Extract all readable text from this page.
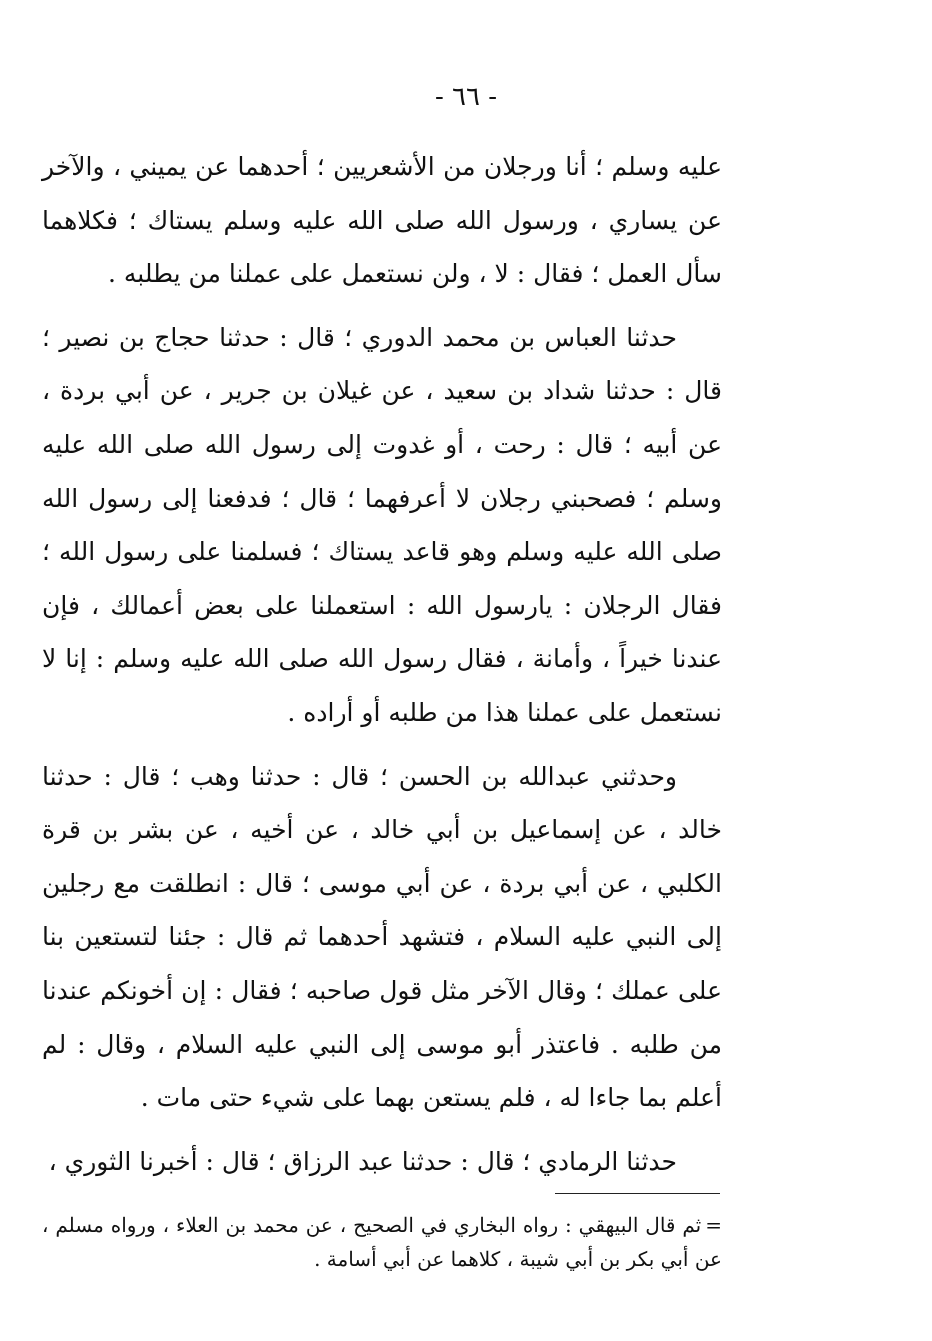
- ٦٦ -

عليه وسلم ؛ أنا ورجلان من الأشعريين ؛ أحدهما عن يميني ، والآخر عن يساري ، ورسول الله صلى الله عليه وسلم يستاك ؛ فكلاهما سأل العمل ؛ فقال : لا ، ولن نستعمل على عملنا من يطلبه .

حدثنا العباس بن محمد الدوري ؛ قال : حدثنا حجاج بن نصير ؛ قال : حدثنا شداد بن سعيد ، عن غيلان بن جرير ، عن أبي بردة ، عن أبيه ؛ قال : رحت ، أو غدوت إلى رسول الله صلى الله عليه وسلم ؛ فصحبني رجلان لا أعرفهما ؛ قال ؛ فدفعنا إلى رسول الله صلى الله عليه وسلم وهو قاعد يستاك ؛ فسلمنا على رسول الله ؛ فقال الرجلان : يارسول الله : استعملنا على بعض أعمالك ، فإن عندنا خيراً ، وأمانة ، فقال رسول الله صلى الله عليه وسلم : إنا لا نستعمل على عملنا هذا من طلبه أو أراده .

وحدثني عبدالله بن الحسن ؛ قال : حدثنا وهب ؛ قال : حدثنا خالد ، عن إسماعيل بن أبي خالد ، عن أخيه ، عن بشر بن قرة الكلبي ، عن أبي بردة ، عن أبي موسى ؛ قال : انطلقت مع رجلين إلى النبي عليه السلام ، فتشهد أحدهما ثم قال : جئنا لتستعين بنا على عملك ؛ وقال الآخر مثل قول صاحبه ؛ فقال : إن أخونكم عندنا من طلبه . فاعتذر أبو موسى إلى النبي عليه السلام ، وقال : لم أعلم بما جاءا له ، فلم يستعن بهما على شيء حتى مات .

حدثنا الرمادي ؛ قال : حدثنا عبد الرزاق ؛ قال : أخبرنا الثوري ،

=ثم قال البيهقي : رواه البخاري في الصحيح ، عن محمد بن العلاء ، ورواه مسلم ، عن أبي بكر بن أبي شيبة ، كلاهما عن أبي أسامة .
